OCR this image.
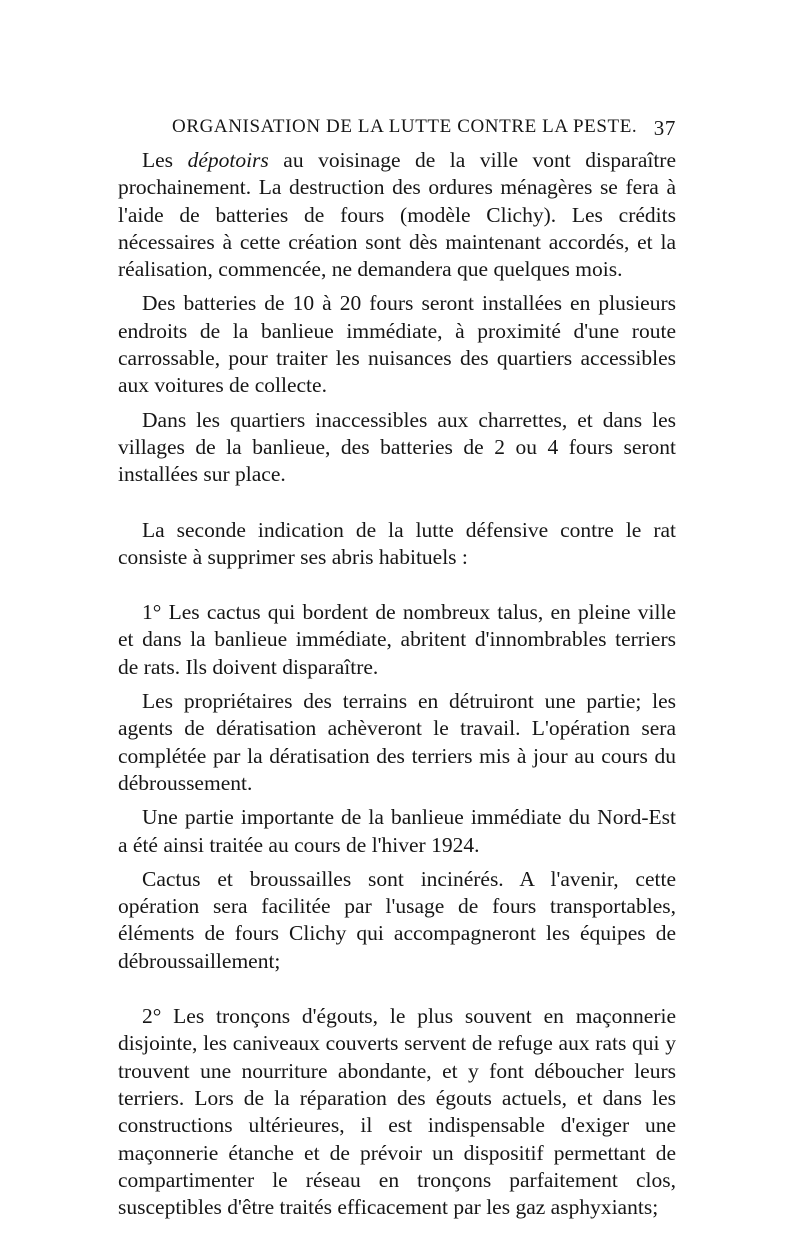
ORGANISATION DE LA LUTTE CONTRE LA PESTE. 37

Les dépotoirs au voisinage de la ville vont disparaître prochainement. La destruction des ordures ménagères se fera à l'aide de batteries de fours (modèle Clichy). Les crédits nécessaires à cette création sont dès maintenant accordés, et la réalisation, commencée, ne demandera que quelques mois.

Des batteries de 10 à 20 fours seront installées en plusieurs endroits de la banlieue immédiate, à proximité d'une route carrossable, pour traiter les nuisances des quartiers accessibles aux voitures de collecte.

Dans les quartiers inaccessibles aux charrettes, et dans les villages de la banlieue, des batteries de 2 ou 4 fours seront installées sur place.

La seconde indication de la lutte défensive contre le rat consiste à supprimer ses abris habituels :

1° Les cactus qui bordent de nombreux talus, en pleine ville et dans la banlieue immédiate, abritent d'innombrables terriers de rats. Ils doivent disparaître.

Les propriétaires des terrains en détruiront une partie; les agents de dératisation achèveront le travail. L'opération sera complétée par la dératisation des terriers mis à jour au cours du débroussement.

Une partie importante de la banlieue immédiate du Nord-Est a été ainsi traitée au cours de l'hiver 1924.

Cactus et broussailles sont incinérés. A l'avenir, cette opération sera facilitée par l'usage de fours transportables, éléments de fours Clichy qui accompagneront les équipes de débroussaillement;

2° Les tronçons d'égouts, le plus souvent en maçonnerie disjointe, les caniveaux couverts servent de refuge aux rats qui y trouvent une nourriture abondante, et y font déboucher leurs terriers. Lors de la réparation des égouts actuels, et dans les constructions ultérieures, il est indispensable d'exiger une maçonnerie étanche et de prévoir un dispositif permettant de compartimenter le réseau en tronçons parfaitement clos, susceptibles d'être traités efficacement par les gaz asphyxiants;
